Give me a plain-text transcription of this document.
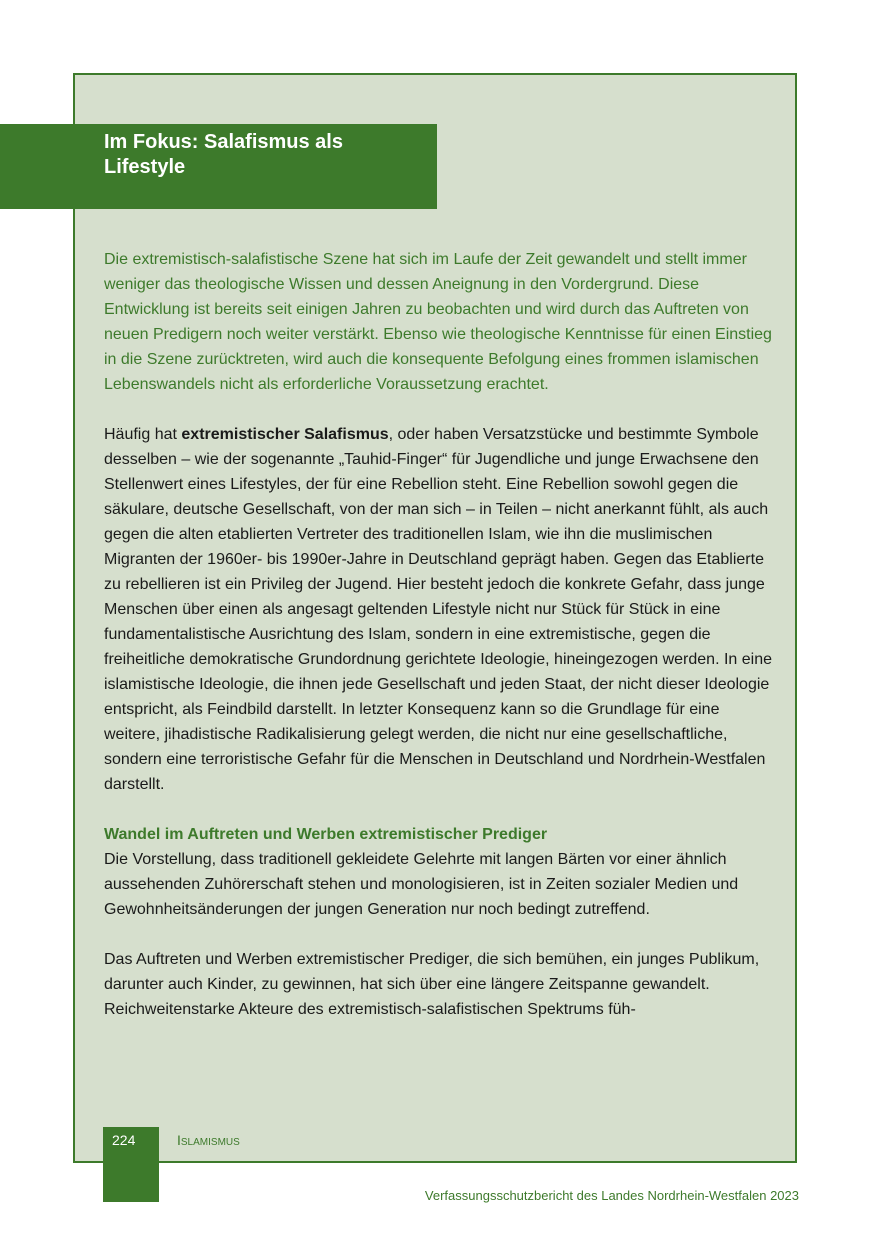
Im Fokus: Salafismus als Lifestyle

Die extremistisch-salafistische Szene hat sich im Laufe der Zeit gewandelt und stellt immer weniger das theologische Wissen und dessen Aneignung in den Vordergrund. Diese Entwicklung ist bereits seit einigen Jahren zu beobachten und wird durch das Auftreten von neuen Predigern noch weiter verstärkt. Ebenso wie theologische Kenntnisse für einen Einstieg in die Szene zurücktreten, wird auch die konsequente Befolgung eines frommen islamischen Lebenswandels nicht als erforderliche Voraussetzung erachtet.

Häufig hat extremistischer Salafismus, oder haben Versatzstücke und bestimmte Symbole desselben – wie der sogenannte „Tauhid-Finger“ für Jugendliche und junge Erwachsene den Stellenwert eines Lifestyles, der für eine Rebellion steht. Eine Rebellion sowohl gegen die säkulare, deutsche Gesellschaft, von der man sich – in Teilen – nicht anerkannt fühlt, als auch gegen die alten etablierten Vertreter des traditionellen Islam, wie ihn die muslimischen Migranten der 1960er- bis 1990er-Jahre in Deutschland geprägt haben. Gegen das Etablierte zu rebellieren ist ein Privileg der Jugend. Hier besteht jedoch die konkrete Gefahr, dass junge Menschen über einen als angesagt geltenden Lifestyle nicht nur Stück für Stück in eine fundamentalistische Ausrichtung des Islam, sondern in eine extremistische, gegen die freiheitliche demokratische Grundordnung gerichtete Ideologie, hineingezogen werden. In eine islamistische Ideologie, die ihnen jede Gesellschaft und jeden Staat, der nicht dieser Ideologie entspricht, als Feindbild darstellt. In letzter Konsequenz kann so die Grundlage für eine weitere, jihadistische Radikalisierung gelegt werden, die nicht nur eine gesellschaftliche, sondern eine terroristische Gefahr für die Menschen in Deutschland und Nordrhein-Westfalen darstellt.

Wandel im Auftreten und Werben extremistischer Prediger

Die Vorstellung, dass traditionell gekleidete Gelehrte mit langen Bärten vor einer ähnlich aussehenden Zuhörerschaft stehen und monologisieren, ist in Zeiten sozialer Medien und Gewohnheitsänderungen der jungen Generation nur noch bedingt zutreffend.

Das Auftreten und Werben extremistischer Prediger, die sich bemühen, ein junges Publikum, darunter auch Kinder, zu gewinnen, hat sich über eine längere Zeitspanne gewandelt. Reichweitenstarke Akteure des extremistisch-salafistischen Spektrums füh-

224	Islamismus
Verfassungsschutzbericht des Landes Nordrhein-Westfalen 2023
